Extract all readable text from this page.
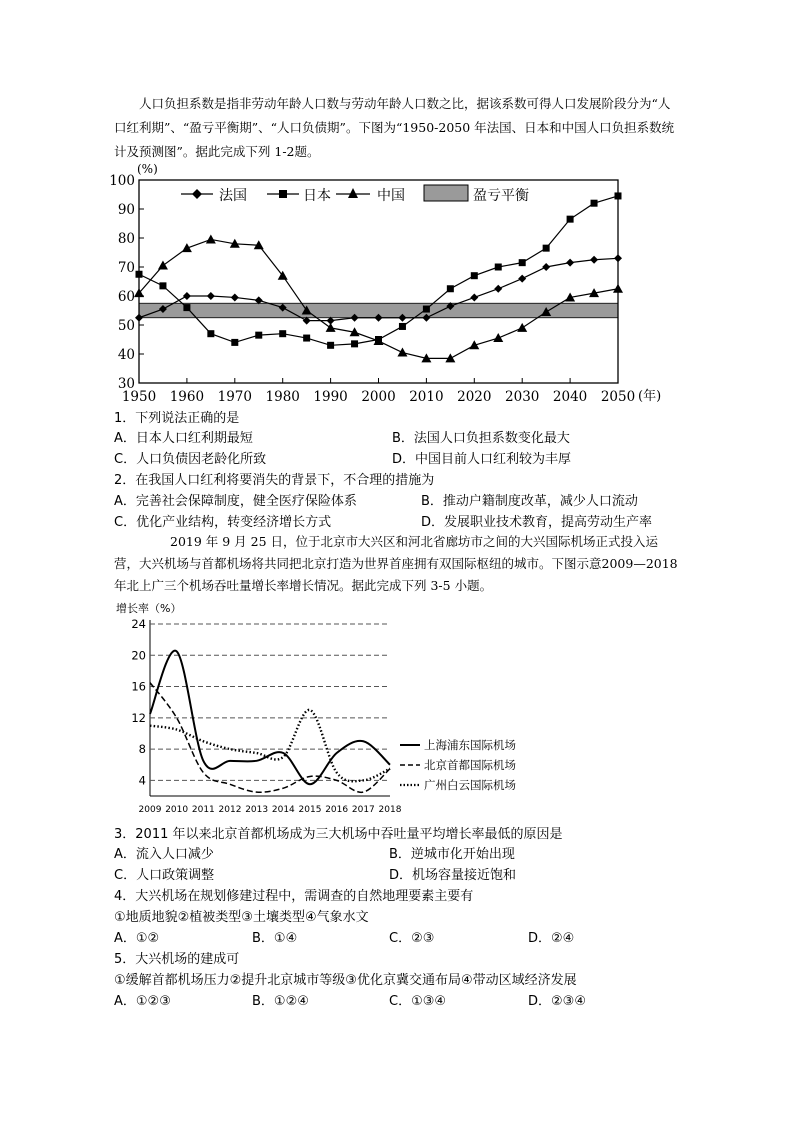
人口负担系数是指非劳动年龄人口数与劳动年龄人口数之比，据该系数可得人口发展阶段分为“人口红利期”、“盈亏平衡期”、“人口负债期”。下图为“1950-2050 年法国、日本和中国人口负担系数统计及预测图”。据此完成下列 1-2题。

(%)
(年)
30
40
50
60
70
80
90
100
1950 1960 1970 1980 1990 2000 2010 2020 2030 2040 2050
法国	日本	中国	盈亏平衡
1．下列说法正确的是
A．日本人口红利期最短	B．法国人口负担系数变化最大
C．人口负债因老龄化所致	D．中国目前人口红利较为丰厚
2．在我国人口红利将要消失的背景下，不合理的措施为
A．完善社会保障制度，健全医疗保险体系	B．推动户籍制度改革，减少人口流动
C．优化产业结构，转变经济增长方式	D．发展职业技术教育，提高劳动生产率

2019 年 9 月 25 日，位于北京市大兴区和河北省廊坊市之间的大兴国际机场正式投入运营，大兴机场与首都机场将共同把北京打造为世界首座拥有双国际枢纽的城市。下图示意2009—2018 年北上广三个机场吞吐量增长率增长情况。据此完成下列 3-5 小题。

增长率（%）
4
8
12
16
20
24
2009 2010 2011 2012 2013 2014 2015 2016 2017 2018
上海浦东国际机场
北京首都国际机场
广州白云国际机场
3．2011 年以来北京首都机场成为三大机场中吞吐量平均增长率最低的原因是
A．流入人口减少	B．逆城市化开始出现
C．人口政策调整	D．机场容量接近饱和
4．大兴机场在规划修建过程中，需调查的自然地理要素主要有
①地质地貌②植被类型③土壤类型④气象水文
A．①②	B．①④	C．②③	D．②④
5．大兴机场的建成可
①缓解首都机场压力②提升北京城市等级③优化京冀交通布局④带动区域经济发展
A．①②③	B．①②④	C．①③④	D．②③④
